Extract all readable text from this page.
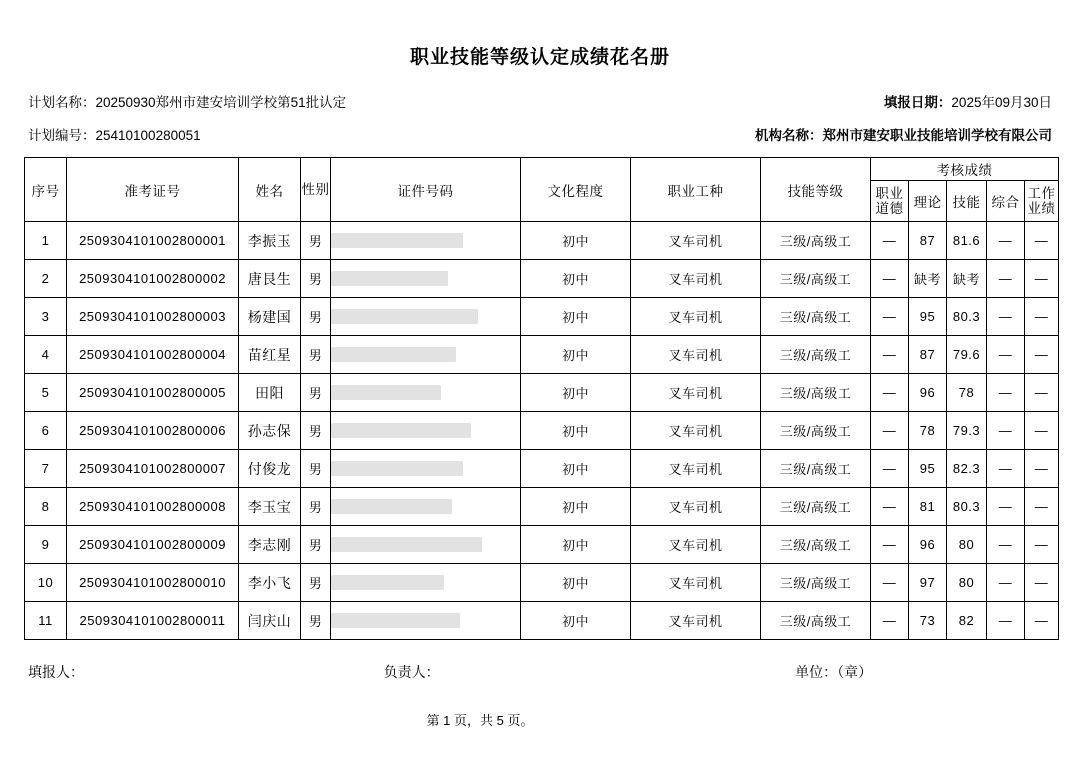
职业技能等级认定成绩花名册
计划名称：20250930郑州市建安培训学校第51批认定	填报日期：2025年09月30日
计划编号：25410100280051	机构名称：郑州市建安职业技能培训学校有限公司
序号	准考证号	姓名	性别	证件号码	文化程度	职业工种	技能等级	考核成绩				
								职业道德	理论	技能	综合	工作业绩
1	2509304101002800001	李振玉	男		初中	叉车司机	三级/高级工	—	87	81.6	—	—
2	2509304101002800002	唐艮生	男		初中	叉车司机	三级/高级工	—	缺考	缺考	—	—
3	2509304101002800003	杨建国	男		初中	叉车司机	三级/高级工	—	95	80.3	—	—
4	2509304101002800004	苗红星	男		初中	叉车司机	三级/高级工	—	87	79.6	—	—
5	2509304101002800005	田阳	男		初中	叉车司机	三级/高级工	—	96	78	—	—
6	2509304101002800006	孙志保	男		初中	叉车司机	三级/高级工	—	78	79.3	—	—
7	2509304101002800007	付俊龙	男		初中	叉车司机	三级/高级工	—	95	82.3	—	—
8	2509304101002800008	李玉宝	男		初中	叉车司机	三级/高级工	—	81	80.3	—	—
9	2509304101002800009	李志刚	男		初中	叉车司机	三级/高级工	—	96	80	—	—
10	2509304101002800010	李小飞	男		初中	叉车司机	三级/高级工	—	97	80	—	—
11	2509304101002800011	闫庆山	男		初中	叉车司机	三级/高级工	—	73	82	—	—
填报人：	负责人：	单位：（章）
第 1 页，共 5 页。
